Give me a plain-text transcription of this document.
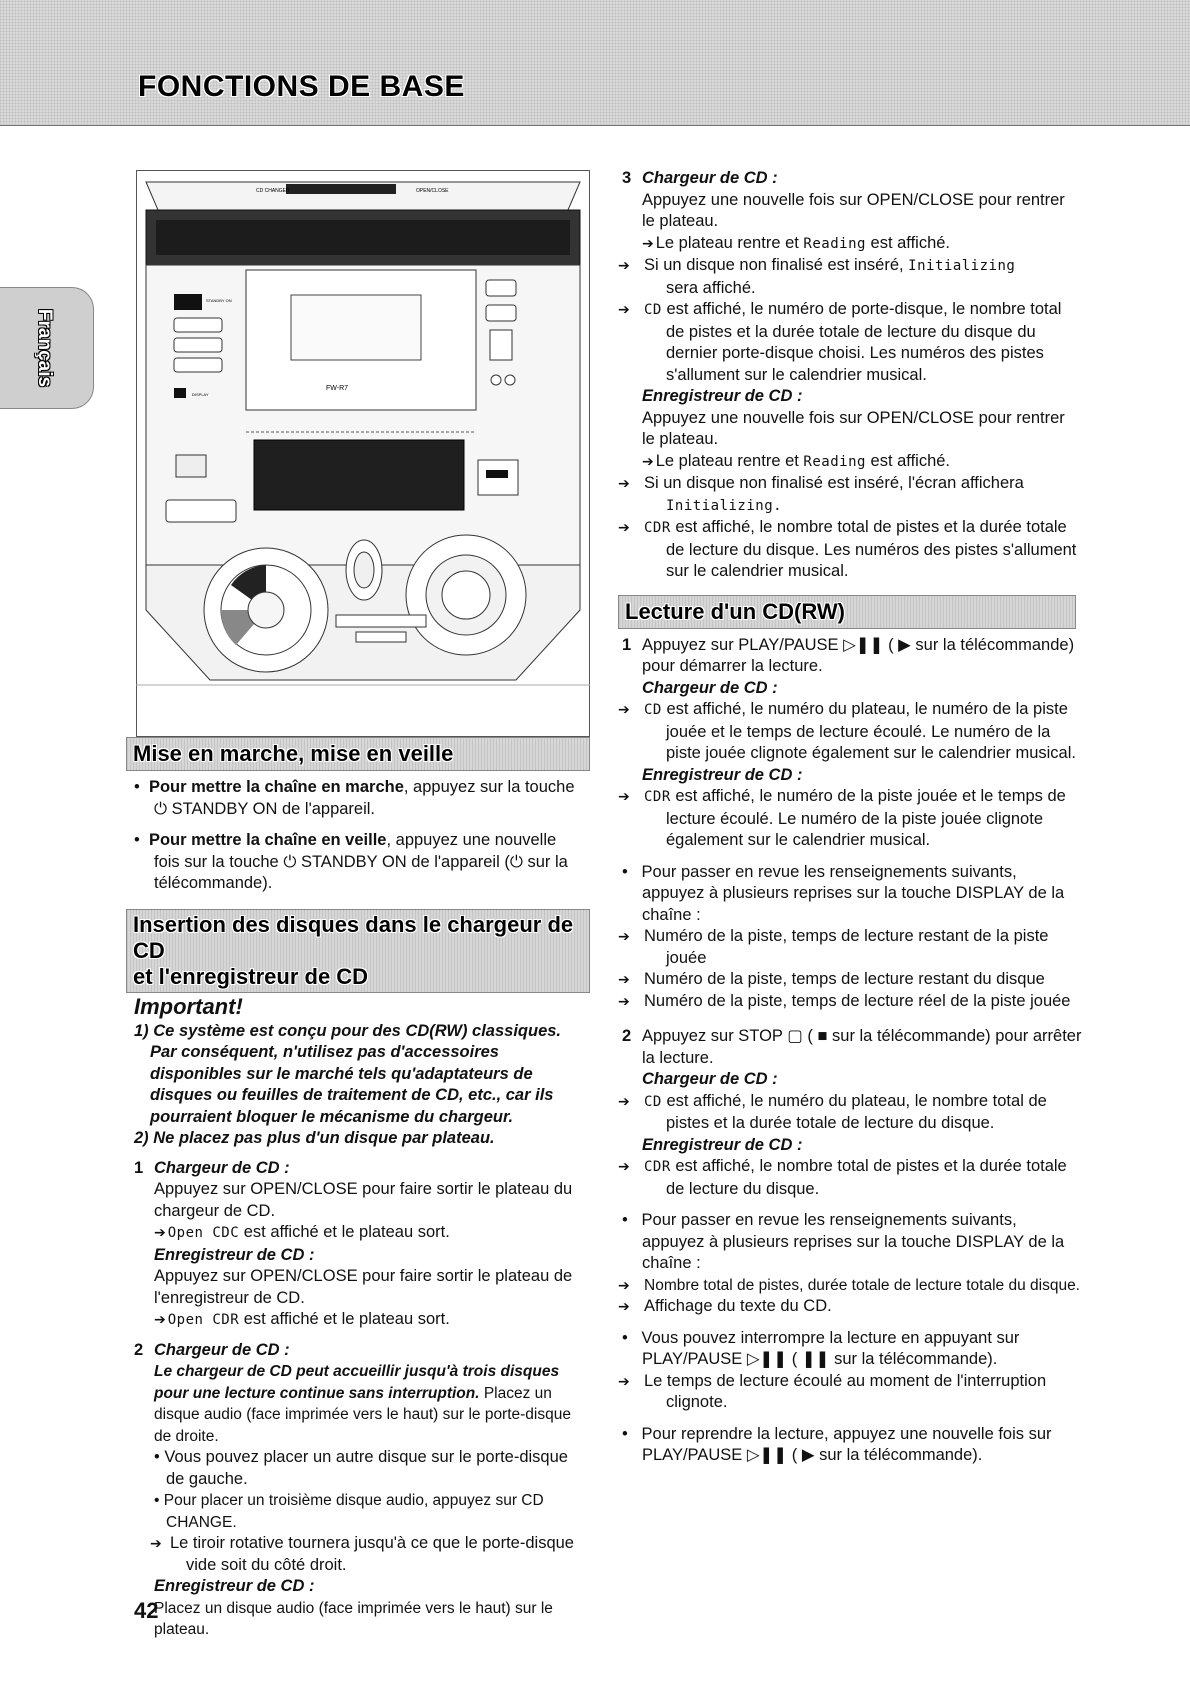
FONCTIONS DE BASE
Français
CD CHANGER	OPEN/CLOSE
FW-R7
STANDBY ON
DISPLAY
Mise en marche, mise en veille
•  Pour mettre la chaîne en marche, appuyez sur la touche
⏻ STANDBY ON de l'appareil.
•  Pour mettre la chaîne en veille, appuyez une nouvelle
fois sur la touche ⏻ STANDBY ON de l'appareil (⏻ sur la
télécommande).
Insertion des disques dans le chargeur de CD
et l'enregistreur de CD
Important!
1) Ce système est conçu pour des CD(RW) classiques. Par conséquent, n'utilisez pas d'accessoires disponibles sur le marché tels qu'adaptateurs de disques ou feuilles de traitement de CD, etc., car ils pourraient bloquer le mécanisme du chargeur.
2) Ne placez pas plus d'un disque par plateau.
1 Chargeur de CD :
Appuyez sur OPEN/CLOSE pour faire sortir le plateau du chargeur de CD.
➔ Open CDC est affiché et le plateau sort.
Enregistreur de CD :
Appuyez sur OPEN/CLOSE pour faire sortir le plateau de l'enregistreur de CD.
➔ Open CDR est affiché et le plateau sort.
2 Chargeur de CD :
Le chargeur de CD peut accueillir jusqu'à trois disques pour une lecture continue sans interruption. Placez un disque audio (face imprimée vers le haut) sur le porte-disque de droite.
• Vous pouvez placer un autre disque sur le porte-disque de gauche.
• Pour placer un troisième disque audio, appuyez sur CD CHANGE.
➔ Le tiroir rotative tournera jusqu'à ce que le porte-disque vide soit du côté droit.
Enregistreur de CD :
Placez un disque audio (face imprimée vers le haut) sur le plateau.
3 Chargeur de CD :
Appuyez une nouvelle fois sur OPEN/CLOSE pour rentrer le plateau.
➔ Le plateau rentre et Reading est affiché.
➔ Si un disque non finalisé est inséré, Initializing
sera affiché.
➔ CD est affiché, le numéro de porte-disque, le nombre total de pistes et la durée totale de lecture du disque du dernier porte-disque choisi. Les numéros des pistes s'allument sur le calendrier musical.
Enregistreur de CD :
Appuyez une nouvelle fois sur OPEN/CLOSE pour rentrer le plateau.
➔ Le plateau rentre et Reading est affiché.
➔ Si un disque non finalisé est inséré, l'écran affichera
Initializing.
➔ CDR est affiché, le nombre total de pistes et la durée totale de lecture du disque. Les numéros des pistes s'allument sur le calendrier musical.
Lecture d'un CD(RW)
1 Appuyez sur PLAY/PAUSE ▷❚❚ ( ▶ sur la télécommande) pour démarrer la lecture.
Chargeur de CD :
➔ CD est affiché, le numéro du plateau, le numéro de la piste jouée et le temps de lecture écoulé. Le numéro de la piste jouée clignote également sur le calendrier musical.
Enregistreur de CD :
➔ CDR est affiché, le numéro de la piste jouée et le temps de lecture écoulé. Le numéro de la piste jouée clignote également sur le calendrier musical.
•   Pour passer en revue les renseignements suivants, appuyez à plusieurs reprises sur la touche DISPLAY de la chaîne :
➔ Numéro de la piste, temps de lecture restant de la piste jouée
➔ Numéro de la piste, temps de lecture restant du disque
➔ Numéro de la piste, temps de lecture réel de la piste jouée
2 Appuyez sur STOP ▢ ( ■ sur la télécommande) pour arrêter la lecture.
Chargeur de CD :
➔ CD est affiché, le numéro du plateau, le nombre total de pistes et la durée totale de lecture du disque.
Enregistreur de CD :
➔ CDR est affiché, le nombre total de pistes et la durée totale de lecture du disque.
•   Pour passer en revue les renseignements suivants, appuyez à plusieurs reprises sur la touche DISPLAY de la chaîne :
➔ Nombre total de pistes, durée totale de lecture totale du disque.
➔ Affichage du texte du CD.
•   Vous pouvez interrompre la lecture en appuyant sur PLAY/PAUSE ▷❚❚ ( ❚❚ sur la télécommande).
➔ Le temps de lecture écoulé au moment de l'interruption clignote.
•   Pour reprendre la lecture, appuyez une nouvelle fois sur PLAY/PAUSE ▷❚❚ ( ▶ sur la télécommande).
42
